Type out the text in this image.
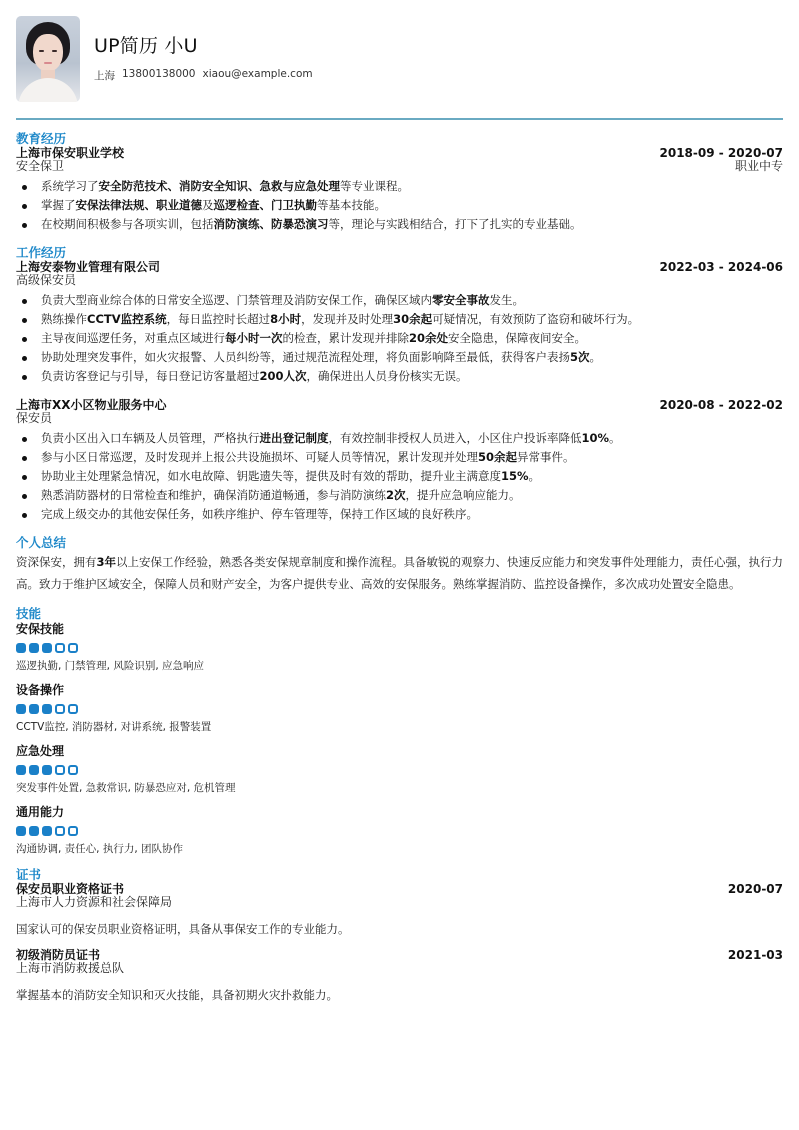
UP简历 小U
上海 13800138000 xiaou@example.com
教育经历
上海市保安职业学校
安全保卫
2018-09 - 2020-07
职业中专
系统学习了安全防范技术、消防安全知识、急救与应急处理等专业课程。
掌握了安保法律法规、职业道德及巡逻检查、门卫执勤等基本技能。
在校期间积极参与各项实训，包括消防演练、防暴恐演习等，理论与实践相结合，打下了扎实的专业基础。
工作经历
上海安泰物业管理有限公司
高级保安员
2022-03 - 2024-06
负责大型商业综合体的日常安全巡逻、门禁管理及消防安保工作，确保区域内零安全事故发生。
熟练操作CCTV监控系统，每日监控时长超过8小时，发现并及时处理30余起可疑情况，有效预防了盗窃和破坏行为。
主导夜间巡逻任务，对重点区域进行每小时一次的检查，累计发现并排除20余处安全隐患，保障夜间安全。
协助处理突发事件，如火灾报警、人员纠纷等，通过规范流程处理，将负面影响降至最低，获得客户表扬5次。
负责访客登记与引导，每日登记访客量超过200人次，确保进出人员身份核实无误。
上海市XX小区物业服务中心
保安员
2020-08 - 2022-02
负责小区出入口车辆及人员管理，严格执行进出登记制度，有效控制非授权人员进入，小区住户投诉率降低10%。
参与小区日常巡逻，及时发现并上报公共设施损坏、可疑人员等情况，累计发现并处理50余起异常事件。
协助业主处理紧急情况，如水电故障、钥匙遗失等，提供及时有效的帮助，提升业主满意度15%。
熟悉消防器材的日常检查和维护，确保消防通道畅通，参与消防演练2次，提升应急响应能力。
完成上级交办的其他安保任务，如秩序维护、停车管理等，保持工作区域的良好秩序。
个人总结
资深保安，拥有3年以上安保工作经验，熟悉各类安保规章制度和操作流程。具备敏锐的观察力、快速反应能力和突发事件处理能力，责任心强，执行力高。致力于维护区域安全，保障人员和财产安全，为客户提供专业、高效的安保服务。熟练掌握消防、监控设备操作，多次成功处置安全隐患。
技能
安保技能
巡逻执勤, 门禁管理, 风险识别, 应急响应
设备操作
CCTV监控, 消防器材, 对讲系统, 报警装置
应急处理
突发事件处置, 急救常识, 防暴恐应对, 危机管理
通用能力
沟通协调, 责任心, 执行力, 团队协作
证书
保安员职业资格证书
上海市人力资源和社会保障局
2020-07
国家认可的保安员职业资格证明，具备从事保安工作的专业能力。
初级消防员证书
上海市消防救援总队
2021-03
掌握基本的消防安全知识和灭火技能，具备初期火灾扑救能力。
